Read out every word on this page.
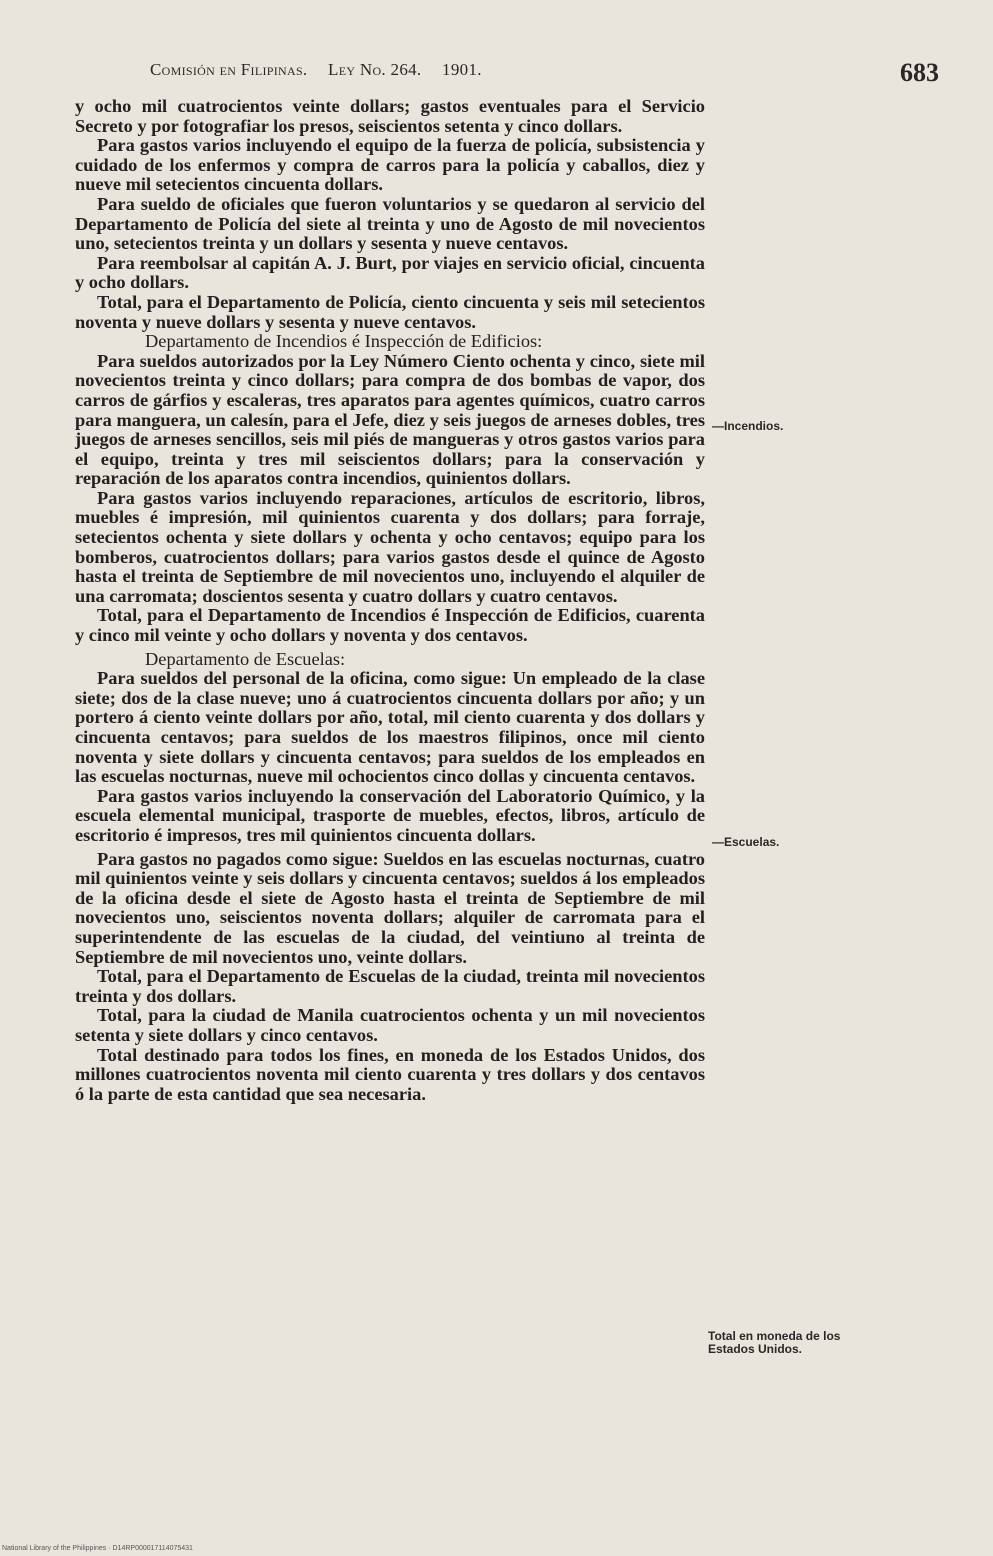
Comisión en Filipinas. Ley No. 264. 1901.	683

y ocho mil cuatrocientos veinte dollars; gastos eventuales para el Servicio Secreto y por fotografiar los presos, seiscientos setenta y cinco dollars.

Para gastos varios incluyendo el equipo de la fuerza de policía, subsistencia y cuidado de los enfermos y compra de carros para la policía y caballos, diez y nueve mil setecientos cincuenta dollars.

Para sueldo de oficiales que fueron voluntarios y se quedaron al servicio del Departamento de Policía del siete al treinta y uno de Agosto de mil novecientos uno, setecientos treinta y un dollars y sesenta y nueve centavos.

Para reembolsar al capitán A. J. Burt, por viajes en servicio oficial, cincuenta y ocho dollars.

Total, para el Departamento de Policía, ciento cincuenta y seis mil setecientos noventa y nueve dollars y sesenta y nueve centavos.

Departamento de Incendios é Inspección de Edificios:

Para sueldos autorizados por la Ley Número Ciento ochenta y cinco, siete mil novecientos treinta y cinco dollars; para compra de dos bombas de vapor, dos carros de gárfios y escaleras, tres aparatos para agentes químicos, cuatro carros para manguera, un calesín, para el Jefe, diez y seis juegos de arneses dobles, tres juegos de arneses sencillos, seis mil piés de mangueras y otros gastos varios para el equipo, treinta y tres mil seiscientos dollars; para la conservación y reparación de los aparatos contra incendios, quinientos dollars.

Para gastos varios incluyendo reparaciones, artículos de escritorio, libros, muebles é impresión, mil quinientos cuarenta y dos dollars; para forraje, setecientos ochenta y siete dollars y ochenta y ocho centavos; equipo para los bomberos, cuatrocientos dollars; para varios gastos desde el quince de Agosto hasta el treinta de Septiembre de mil novecientos uno, incluyendo el alquiler de una carromata; doscientos sesenta y cuatro dollars y cuatro centavos.

Total, para el Departamento de Incendios é Inspección de Edificios, cuarenta y cinco mil veinte y ocho dollars y noventa y dos centavos.

Departamento de Escuelas:

Para sueldos del personal de la oficina, como sigue: Un empleado de la clase siete; dos de la clase nueve; uno á cuatrocientos cincuenta dollars por año; y un portero á ciento veinte dollars por año, total, mil ciento cuarenta y dos dollars y cincuenta centavos; para sueldos de los maestros filipinos, once mil ciento noventa y siete dollars y cincuenta centavos; para sueldos de los empleados en las escuelas nocturnas, nueve mil ochocientos cinco dollas y cincuenta centavos.

Para gastos varios incluyendo la conservación del Laboratorio Químico, y la escuela elemental municipal, trasporte de muebles, efectos, libros, artículo de escritorio é impresos, tres mil quinientos cincuenta dollars.

Para gastos no pagados como sigue: Sueldos en las escuelas nocturnas, cuatro mil quinientos veinte y seis dollars y cincuenta centavos; sueldos á los empleados de la oficina desde el siete de Agosto hasta el treinta de Septiembre de mil novecientos uno, seiscientos noventa dollars; alquiler de carromata para el superintendente de las escuelas de la ciudad, del veintiuno al treinta de Septiembre de mil novecientos uno, veinte dollars.

Total, para el Departamento de Escuelas de la ciudad, treinta mil novecientos treinta y dos dollars.

Total, para la ciudad de Manila cuatrocientos ochenta y un mil novecientos setenta y siete dollars y cinco centavos.

Total destinado para todos los fines, en moneda de los Estados Unidos, dos millones cuatrocientos noventa mil ciento cuarenta y tres dollars y dos centavos ó la parte de esta cantidad que sea necesaria.

—Incendios.
—Escuelas.
Total en moneda de los Estados Unidos.
National Library of the Philippines · D14RP000017114075431
